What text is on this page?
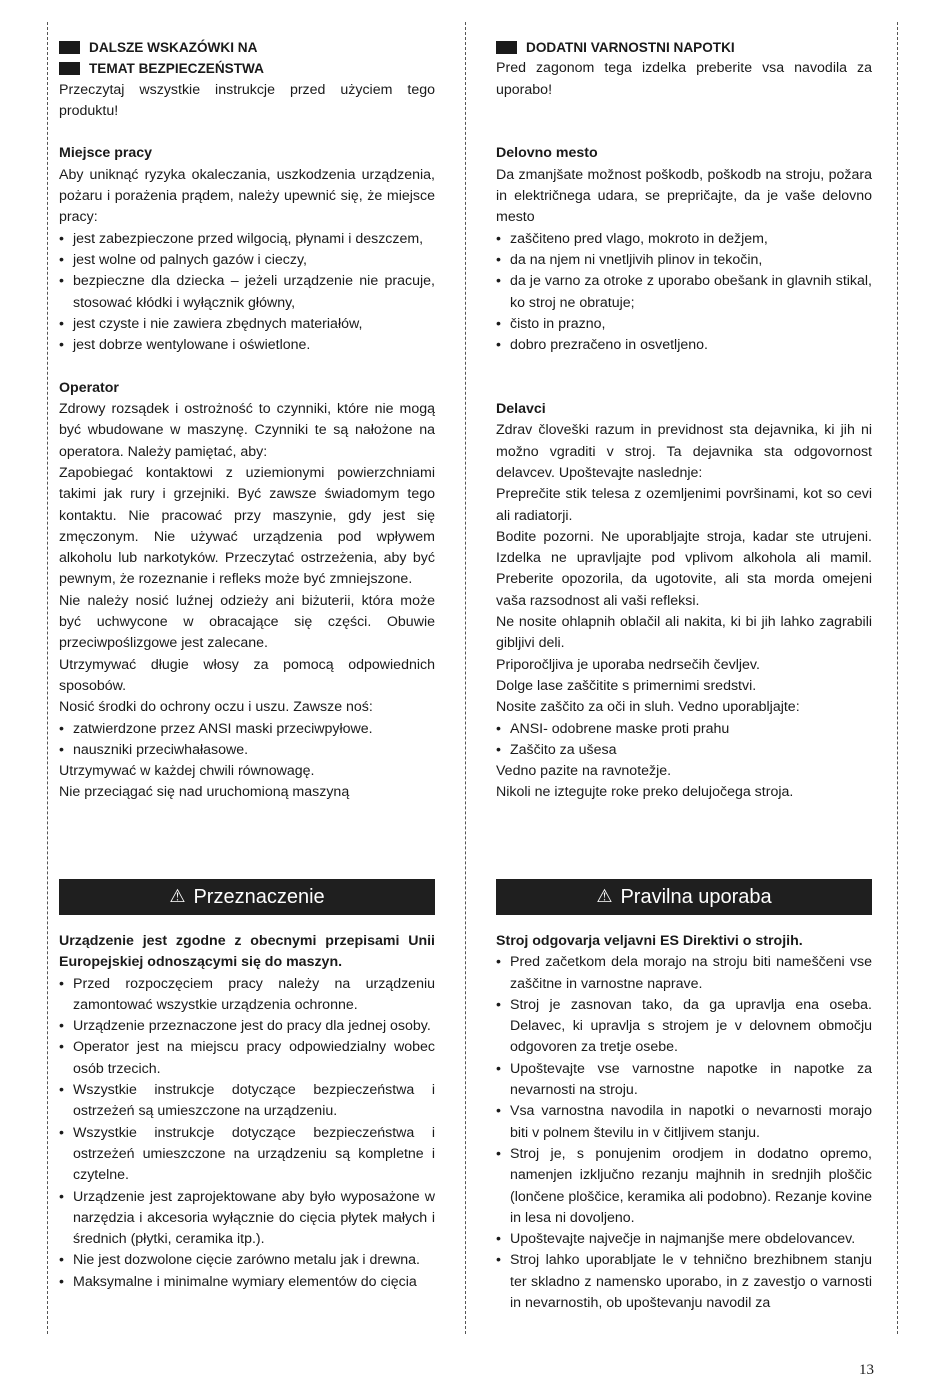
DALSZE WSKAZÓWKI NA
TEMAT BEZPIECZEŃSTWA

Przeczytaj wszystkie instrukcje przed użyciem tego produktu!

Miejsce pracy

Aby uniknąć ryzyka okaleczania, uszkodzenia urządzenia, pożaru i porażenia prądem, należy upewnić się, że miejsce pracy:

• jest zabezpieczone przed wilgocią, płynami i deszczem,
• jest wolne od palnych gazów i cieczy,
• bezpieczne dla dziecka – jeżeli urządzenie nie pracuje, stosować kłódki i wyłącznik główny,
• jest czyste i nie zawiera zbędnych materiałów,
• jest dobrze wentylowane i oświetlone.

Operator

Zdrowy rozsądek i ostrożność to czynniki, które nie mogą być wbudowane w maszynę. Czynniki te są nałożone na operatora. Należy pamiętać, aby:

Zapobiegać kontaktowi z uziemionymi powierzchniami takimi jak rury i grzejniki. Być zawsze świadomym tego kontaktu. Nie pracować przy maszynie, gdy jest się zmęczonym. Nie używać urządzenia pod wpływem alkoholu lub narkotyków. Przeczytać ostrzeżenia, aby być pewnym, że rozeznanie i refleks może być zmniejszone.

Nie należy nosić luźnej odzieży ani biżuterii, która może być uchwycone w obracające się części. Obuwie przeciwpoślizgowe jest zalecane.

Utrzymywać długie włosy za pomocą odpowiednich sposobów.

Nosić środki do ochrony oczu i uszu. Zawsze noś:

• zatwierdzone przez ANSI maski przeciwpyłowe.
• nauszniki przeciwhałasowe.

Utrzymywać w każdej chwili równowagę.

Nie przeciągać się nad uruchomioną maszyną

DODATNI VARNOSTNI NAPOTKI

Pred zagonom tega izdelka preberite vsa navodila za uporabo!

Delovno mesto

Da zmanjšate možnost poškodb, poškodb na stroju, požara in električnega udara, se prepričajte, da je vaše delovno mesto

• zaščiteno pred vlago, mokroto in dežjem,
• da na njem ni vnetljivih plinov in tekočin,
• da je varno za otroke z uporabo obešank in glavnih stikal, ko stroj ne obratuje;
• čisto in prazno,
• dobro prezračeno in osvetljeno.

Delavci

Zdrav človeški razum in previdnost sta dejavnika, ki jih ni možno vgraditi v stroj. Ta dejavnika sta odgovornost delavcev. Upoštevajte naslednje:

Preprečite stik telesa z ozemljenimi površinami, kot so cevi ali radiatorji.

Bodite pozorni. Ne uporabljajte stroja, kadar ste utrujeni. Izdelka ne upravljajte pod vplivom alkohola ali mamil. Preberite opozorila, da ugotovite, ali sta morda omejeni vaša razsodnost ali vaši refleksi.

Ne nosite ohlapnih oblačil ali nakita, ki bi jih lahko zagrabili gibljivi deli.

Priporočljiva je uporaba nedrsečih čevljev.

Dolge lase zaščitite s primernimi sredstvi.

Nosite zaščito za oči in sluh. Vedno uporabljajte:

• ANSI- odobrene maske proti prahu
• Zaščito za ušesa

Vedno pazite na ravnotežje.

Nikoli ne iztegujte roke preko delujočega stroja.

⚠ Przeznaczenie	⚠ Pravilna uporaba

Urządzenie jest zgodne z obecnymi przepisami Unii Europejskiej odnoszącymi się do maszyn.

• Przed rozpoczęciem pracy należy na urządzeniu zamontować wszystkie urządzenia ochronne.
• Urządzenie przeznaczone jest do pracy dla jednej osoby.
• Operator jest na miejscu pracy odpowiedzialny wobec osób trzecich.
• Wszystkie instrukcje dotyczące bezpieczeństwa i ostrzeżeń są umieszczone na urządzeniu.
• Wszystkie instrukcje dotyczące bezpieczeństwa i ostrzeżeń umieszczone na urządzeniu są kompletne i czytelne.
• Urządzenie jest zaprojektowane aby było wyposażone w narzędzia i akcesoria wyłącznie do cięcia płytek małych i średnich (płytki, ceramika itp.).
• Nie jest dozwolone cięcie zarówno metalu jak i drewna.
• Maksymalne i minimalne wymiary elementów do cięcia

Stroj odgovarja veljavni ES Direktivi o strojih.

• Pred začetkom dela morajo na stroju biti nameščeni vse zaščitne in varnostne naprave.
• Stroj je zasnovan tako, da ga upravlja ena oseba. Delavec, ki upravlja s strojem je v delovnem območju odgovoren za tretje osebe.
• Upoštevajte vse varnostne napotke in napotke za nevarnosti na stroju.
• Vsa varnostna navodila in napotki o nevarnosti morajo biti v polnem številu in v čitljivem stanju.
• Stroj je, s ponujenim orodjem in dodatno opremo, namenjen izključno rezanju majhnih in srednjih ploščic (lončene ploščice, keramika ali podobno). Rezanje kovine in lesa ni dovoljeno.
• Upoštevajte največje in najmanjše mere obdelovancev.
• Stroj lahko uporabljate le v tehnično brezhibnem stanju ter skladno z namensko uporabo, in z zavestjo o varnosti in nevarnostih, ob upoštevanju navodil za
13
